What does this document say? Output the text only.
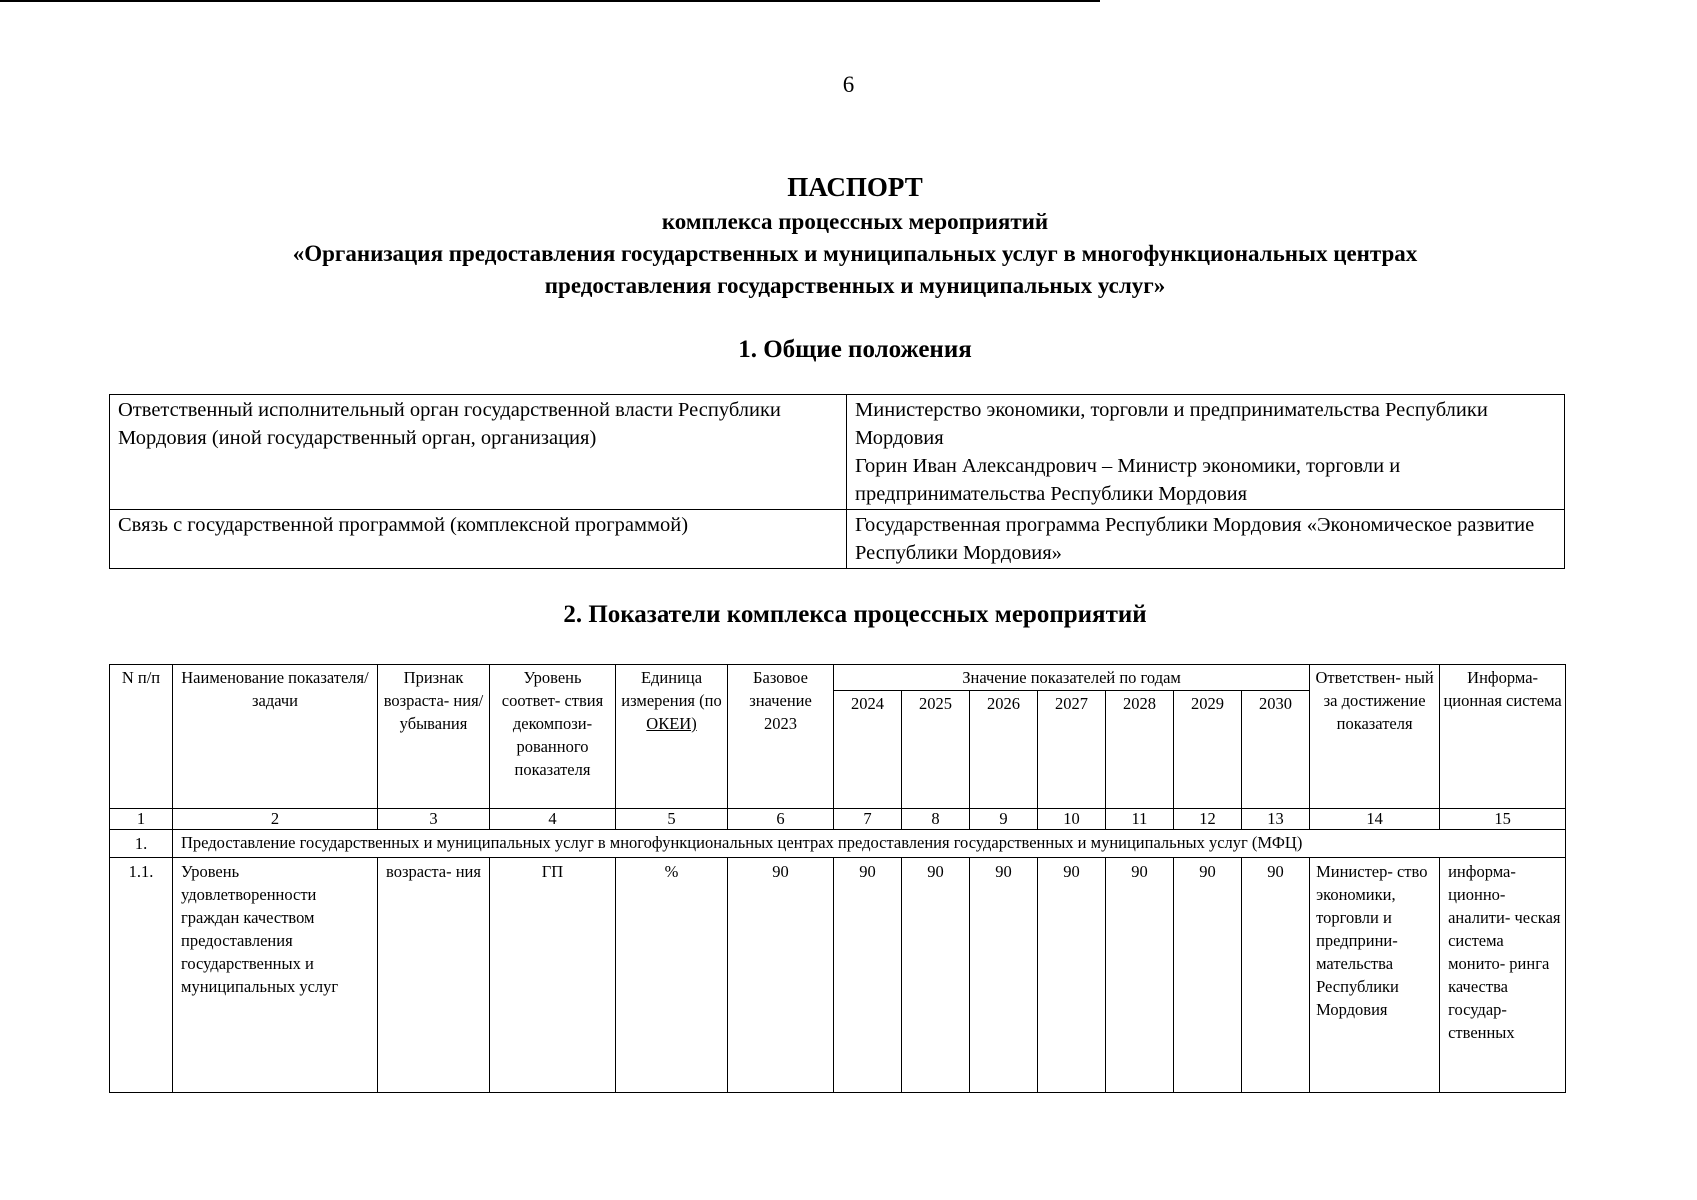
6
ПАСПОРТ
комплекса процессных мероприятий
«Организация предоставления государственных и муниципальных услуг в многофункциональных центрах
предоставления государственных и муниципальных услуг»
1. Общие положения
Ответственный исполнительный орган государственной власти Республики Мордовия (иной государственный орган, организация)	Министерство экономики, торговли и предпринимательства Республики Мордовия
Горин Иван Александрович – Министр экономики, торговли и предпринимательства Республики Мордовия

Связь с государственной программой (комплексной программой)	Государственная программа Республики Мордовия «Экономическое развитие Республики Мордовия»
2. Показатели комплекса процессных мероприятий
N п/п	Наименование показателя/задачи	Признак возраста- ния/ убывания	Уровень соответ- ствия декомпози- рованного показателя	Единица измерения (по ОКЕИ)	Базовое значение 2023	Значение показателей по годам							Ответствен- ный за достижение показателя	Информа- ционная система
						2024	2025	2026	2027	2028	2029	2030		
1	2	3	4	5	6	7	8	9	10	11	12	13	14	15
1.	Предоставление государственных и муниципальных услуг в многофункциональных центрах предоставления государственных и муниципальных услуг (МФЦ)													
1.1.	Уровень удовлетворенности граждан качеством предоставления государственных и муниципальных услуг	возраста- ния	ГП	%	90	90	90	90	90	90	90	90	Министер- ство экономики, торговли и предприни- мательства Республики Мордовия	информа- ционно- аналити- ческая система монито- ринга качества государ- ственных
